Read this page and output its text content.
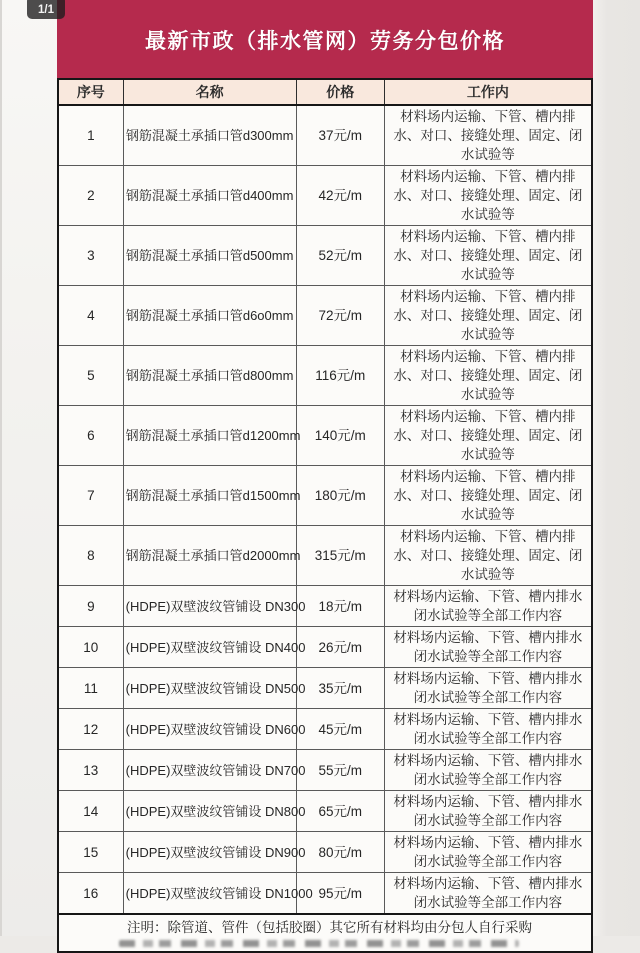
1/1
最新市政（排水管网）劳务分包价格
序号	名称	价格	工作内
1	钢筋混凝土承插口管d300mm	37元/m	材料场内运输、下管、槽内排水、对口、接缝处理、固定、闭水试验等
2	钢筋混凝土承插口管d400mm	42元/m	材料场内运输、下管、槽内排水、对口、接缝处理、固定、闭水试验等
3	钢筋混凝土承插口管d500mm	52元/m	材料场内运输、下管、槽内排水、对口、接缝处理、固定、闭水试验等
4	钢筋混凝土承插口管d6o0mm	72元/m	材料场内运输、下管、槽内排水、对口、接缝处理、固定、闭水试验等
5	钢筋混凝土承插口管d800mm	116元/m	材料场内运输、下管、槽内排水、对口、接缝处理、固定、闭水试验等
6	钢筋混凝土承插口管d1200mm	140元/m	材料场内运输、下管、槽内排水、对口、接缝处理、固定、闭水试验等
7	钢筋混凝土承插口管d1500mm	180元/m	材料场内运输、下管、槽内排水、对口、接缝处理、固定、闭水试验等
8	钢筋混凝土承插口管d2000mm	315元/m	材料场内运输、下管、槽内排水、对口、接缝处理、固定、闭水试验等
9	(HDPE)双壁波纹管铺设 DN300	18元/m	材料场内运输、下管、槽内排水 闭水试验等全部工作内容
10	(HDPE)双壁波纹管铺设 DN400	26元/m	材料场内运输、下管、槽内排水 闭水试验等全部工作内容
11	(HDPE)双壁波纹管铺设 DN500	35元/m	材料场内运输、下管、槽内排水 闭水试验等全部工作内容
12	(HDPE)双壁波纹管铺设 DN600	45元/m	材料场内运输、下管、槽内排水 闭水试验等全部工作内容
13	(HDPE)双壁波纹管铺设 DN700	55元/m	材料场内运输、下管、槽内排水 闭水试验等全部工作内容
14	(HDPE)双壁波纹管铺设 DN800	65元/m	材料场内运输、下管、槽内排水 闭水试验等全部工作内容
15	(HDPE)双壁波纹管铺设 DN900	80元/m	材料场内运输、下管、槽内排水 闭水试验等全部工作内容
16	(HDPE)双壁波纹管铺设 DN1000	95元/m	材料场内运输、下管、槽内排水 闭水试验等全部工作内容

注明：除管道、管件（包括胶圈）其它所有材料均由分包人自行采购			
